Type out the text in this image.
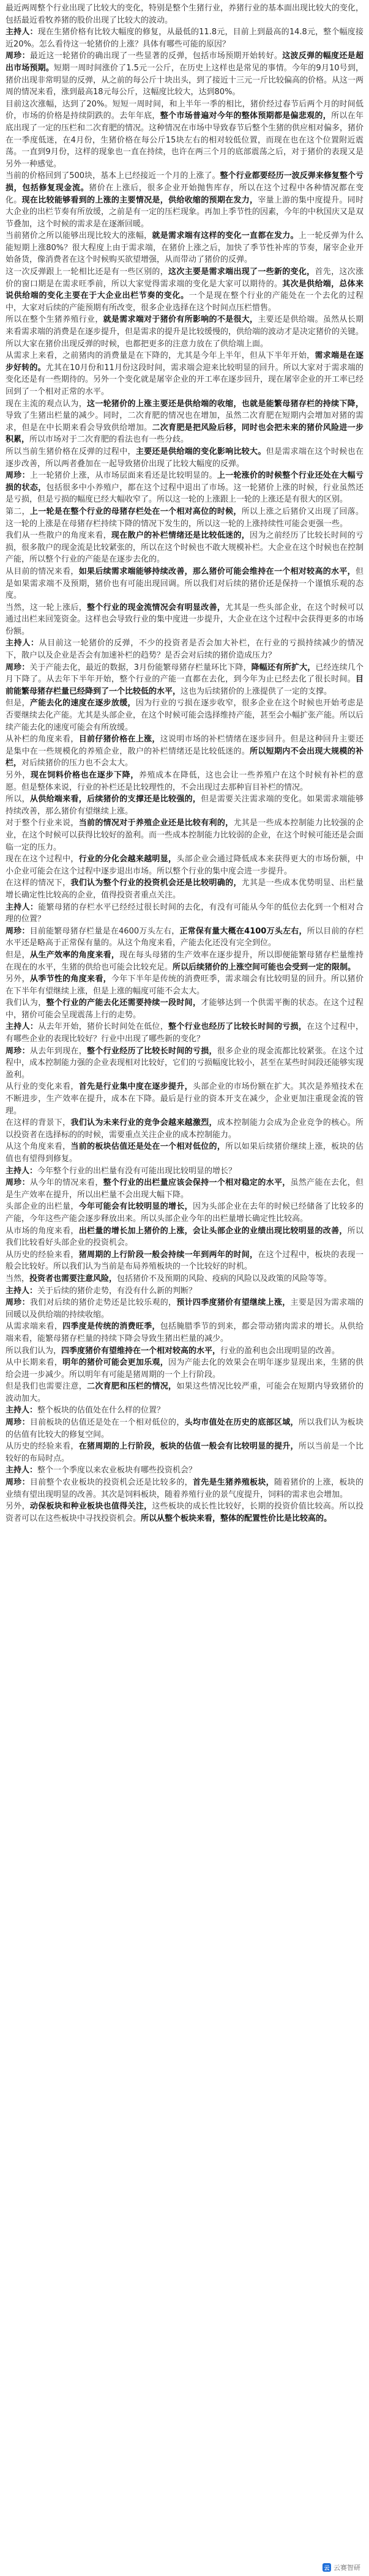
最近两周整个行业出现了比较大的变化，特别是整个生猪行业，养猪行业的基本面出现比较大的变化，包括最近看牧养猪的股价出现了比较大的波动。

主持人：现在生猪价格有比较大幅度的修复，从最低的11.8元，目前上到最高的14.8元，整个幅度接近20%。怎么看待这一轮猪价的上涨？具体有哪些可能的原因？

周珍：最近这一轮猪价的确出现了一些显著的反弹，包括市场预期开始转好。这波反弹的幅度还是超出市场预期。短期一周时间涨价了1.5元一公斤，在历史上这样也是常见的事情。今年的9月10号到，猪价出现非常明显的反弹，从之前的每公斤十块出头，到了接近十三元一斤比较偏高的价格。从这一两周的情况来看，涨到最高18元每公斤，这幅度比较大，达到80%。

目前这次涨幅，达到了20%。短短一周时间，和上半年一季的相比，猪价经过春节后两个月的时间低价，市场的价格是持续阴跌的。去年年底，整个市场普遍对今年的整体预期都是偏悲观的，所以在年底出现了一定的压栏和二次育肥的情况。这种情况在市场中导致春节后整个生猪的供应相对偏多，猪价在一季度低迷，在4月份，生猪价格在每公斤15块左右的相对较低位置，而现在也在这个位置附近震荡。一直到9月份，这样的现象也一直在持续，也许在两三个月的底部震荡之后，对于猪价的表现又是另外一种感觉。

当前的价格回到了500块，基本上已经接近一个月的上涨了。整个行业都要经历一波反弹来修复整个亏损，包括修复现金流。猪价在上涨后，很多企业开始抛售库存，所以在这个过程中各种情况都在变化。现在比较能够看到的上涨的主要情况是，供给收缩的预期在发力，宰量上游的集中度提升。同时大企业的出栏节奏有所放缓，之前是有一定的压栏现象。再加上季节性的因素，今年的中秋国庆又是双节叠加，这个时候的需求是在逐渐回暖。

当前猪价之所以能够出现比较大的涨幅，就是需求端有这样的变化一直都在发力。上一轮反弹为什么能短期上涨80%？很大程度上由于需求端，在猪价上涨之后，加快了季节性补库的节奏，屠宰企业开始备货，像消费者在这个时候购买欲望增强，从而带动了猪价的反弹。

这一次反弹跟上一轮相比还是有一些区别的，这次主要是需求端出现了一些新的变化，首先，这次涨价的窗口期是在需求旺季前，所以大家觉得需求端的变化是大家可以期待的。其次是供给端，总体来说供给端的变化主要在于大企业出栏节奏的变化。一个是现在整个行业的产能处在一个去化的过程中，大家对后续的产能预期有所改变，很多企业选择在这个时间点压栏惜售。

所以在整个生猪养殖行业，就是需求端对于猪价有所影响的不是很大，主要还是供给端。虽然从长期来看需求端的消费是在逐步提升，但是需求的提升是比较缓慢的，供给端的波动才是决定猪价的关键。所以大家在猪价出现反弹的时候，也都把更多的注意力放在了供给端上面。

从需求上来看，之前猪肉的消费量是在下降的，尤其是今年上半年，但从下半年开始，需求端是在逐步好转的。尤其在10月份和11月份这段时间，需求端会迎来比较明显的回升。所以大家对于需求端的变化还是有一些期待的。另外一个变化就是屠宰企业的开工率在逐步回升，现在屠宰企业的开工率已经回到了一个相对正常的水平。

现在主流的观点认为，这一轮猪价的上涨主要还是供给端的收缩，也就是能繁母猪存栏的持续下降，导致了生猪出栏量的减少。同时，二次育肥的情况也在增加，虽然二次育肥在短期内会增加对猪的需求，但是在中长期来看会导致供给增加。二次育肥是把风险后移，同时也会把未来的猪价风险进一步积累，所以市场对于二次育肥的看法也有一些分歧。

所以当前生猪价格在反弹的过程中，主要还是供给端的变化影响比较大。但是需求端在这个时候也在逐步改善，所以两者叠加在一起导致猪价出现了比较大幅度的反弹。

周珍：上一轮猪价上涨，从市场层面来看还是比较明显的。上一轮涨价的时候整个行业还处在大幅亏损的状态，包括很多中小养殖户，都在这个过程中退出了市场。这一轮猪价上涨的时候，行业虽然还是亏损，但是亏损的幅度已经大幅收窄了。所以这一轮的上涨跟上一轮的上涨还是有很大的区别。

第二，上一轮是在整个行业的母猪存栏处在一个相对高位的时候，所以上涨之后猪价又出现了回落。这一轮的上涨是在母猪存栏持续下降的情况下发生的，所以这一轮的上涨持续性可能会更强一些。

我们从一些散户的角度来看，现在散户的补栏情绪还是比较低迷的，因为之前经历了比较长时间的亏损，很多散户的现金流是比较紧张的，所以在这个时候也不敢大规模补栏。大企业在这个时候也在控制产能，所以整个行业的产能是在逐步去化的。

从目前的情况来看，如果后续需求端能够持续改善，那么猪价可能会维持在一个相对较高的水平，但是如果需求端不及预期，猪价也有可能出现回调。所以我们对后续的猪价还是保持一个谨慎乐观的态度。

当然，这一轮上涨后，整个行业的现金流情况会有明显改善，尤其是一些头部企业，在这个时候可以通过出栏来回笼资金。这样也会导致行业的集中度进一步提升，大企业在这个过程中会获得更多的市场份额。

主持人：从目前这一轮猪价的反弹，不少的投资者是否会加大补栏，在行业的亏损持续减少的情况下，散户以及企业是否会有加速补栏的趋势？是否会对后续的猪价造成压力？

周珍：关于产能去化，最近的数据，3月份能繁母猪存栏量环比下降，降幅还有所扩大，已经连续几个月下降了。从去年下半年开始，整个行业的产能一直都在去化，到今年为止已经去化了很长时间。目前能繁母猪存栏量已经降到了一个比较低的水平，这也为后续猪价的上涨提供了一定的支撑。

但是，产能去化的速度在逐步放缓，因为行业的亏损在逐步收窄，很多企业在这个时候也开始考虑是否要继续去化产能。尤其是头部企业，在这个时候可能会选择维持产能，甚至会小幅扩张产能。所以后续产能去化的速度可能会有所放缓。

从补栏的角度来看，目前仔猪价格在上涨，这说明市场的补栏情绪在逐步回升。但是这种回升主要还是集中在一些规模化的养殖企业，散户的补栏情绪还是比较低迷的。所以短期内不会出现大规模的补栏，对后续猪价的压力也不会太大。

另外，现在饲料价格也在逐步下降，养殖成本在降低，这也会让一些养殖户在这个时候有补栏的意愿。但是整体来说，行业的补栏还是比较理性的，不会出现过去那种盲目补栏的情况。

所以，从供给端来看，后续猪价的支撑还是比较强的，但是需要关注需求端的变化。如果需求端能够持续改善，那么猪价有望继续上涨。

对于整个行业来说，当前的情况对于养殖企业还是比较有利的，尤其是一些成本控制能力比较强的企业，在这个时候可以获得比较好的盈利。而一些成本控制能力比较弱的企业，在这个时候可能还是会面临一定的压力。

现在在这个过程中，行业的分化会越来越明显，头部企业会通过降低成本来获得更大的市场份额，中小企业可能会在这个过程中逐步退出市场。所以整个行业的集中度会进一步提升。

在这样的情况下，我们认为整个行业的投资机会还是比较明确的，尤其是一些成本优势明显、出栏量增长确定性比较高的企业，值得投资者重点关注。

主持人：能繁母猪的存栏水平已经经过很长时间的去化，有没有可能从今年的低位去化到一个相对合理的位置？

周珍：目前能繁母猪存栏量是在4600万头左右，正常保有量大概在4100万头左右，所以目前的存栏水平还是略高于正常保有量的。从这个角度来看，产能去化还没有完全到位。

但是，从生产效率的角度来看，现在每头母猪的生产效率在逐步提升，所以即便能繁母猪存栏量维持在现在的水平，生猪的供给也可能会比较充足。所以后续猪价的上涨空间可能也会受到一定的限制。

另外，从季节性的角度来看，今年下半年是传统的消费旺季，需求端会有比较明显的回升。所以猪价在下半年有望继续上涨，但是上涨的幅度可能不会太大。

我们认为，整个行业的产能去化还需要持续一段时间，才能够达到一个供需平衡的状态。在这个过程中，猪价可能会呈现震荡上行的走势。

主持人：从去年开始，猪价长时间处在低位，整个行业也经历了比较长时间的亏损，在这个过程中，有哪些企业的表现比较好？行业中出现了哪些新的变化？

周珍：从去年到现在，整个行业经历了比较长时间的亏损，很多企业的现金流都比较紧张。在这个过程中，成本控制能力强的企业表现相对比较好，它们的亏损幅度比较小，甚至在某些时间段还能够实现盈利。

从行业的变化来看，首先是行业集中度在逐步提升，头部企业的市场份额在扩大。其次是养殖技术在不断进步，生产效率在提升，成本在下降。最后是行业的资本开支在减少，企业更加注重现金流的管理。

在这样的背景下，我们认为未来行业的竞争会越来越激烈，成本控制能力会成为企业竞争的核心。所以投资者在选择标的的时候，需要重点关注企业的成本控制能力。

从这个角度来看，当前的板块估值还是处在一个相对低位的，所以如果后续猪价继续上涨，板块的估值也有望得到修复。

主持人：今年整个行业的出栏量有没有可能出现比较明显的增长？

周珍：从今年的情况来看，整个行业的出栏量应该会保持一个相对稳定的水平，虽然产能在去化，但是生产效率在提升，所以出栏量不会出现大幅下降。

头部企业的出栏量，今年可能会有比较明显的增长，因为头部企业在去年的时候已经储备了比较多的产能，今年这些产能会逐步释放出来。所以头部企业今年的出栏量增长确定性比较高。

从市场的角度来看，出栏量的增长加上猪价的上涨，会让头部企业的业绩出现比较明显的改善，所以我们比较看好头部企业的投资机会。

从历史的经验来看，猪周期的上行阶段一般会持续一年到两年的时间，在这个过程中，板块的表现一般会比较好。所以我们认为当前是布局养殖板块的一个比较好的时机。

当然，投资者也需要注意风险，包括猪价不及预期的风险、疫病的风险以及政策的风险等等。

主持人：关于后续的猪价走势，有没有什么新的判断？

周珍：我们对后续的猪价走势还是比较乐观的，预计四季度猪价有望继续上涨，主要是因为需求端的回暖以及供给端的持续收缩。

从需求端来看，四季度是传统的消费旺季，包括腌腊季节的到来，都会带动猪肉需求的增长。从供给端来看，能繁母猪存栏量的持续下降会导致生猪出栏量的减少。

所以我们认为，四季度猪价有望维持在一个相对较高的水平，行业的盈利也会出现明显的改善。

从中长期来看，明年的猪价可能会更加乐观，因为产能去化的效果会在明年逐步显现出来，生猪的供给会进一步减少。所以明年有可能是猪周期的一个上行阶段。

但是我们也需要注意，二次育肥和压栏的情况，如果这些情况比较严重，可能会在短期内导致猪价的波动加大。

主持人：整个板块的估值处在什么样的位置？

周珍：目前板块的估值还是处在一个相对低位的，头均市值处在历史的底部区域，所以我们认为板块的估值有比较大的修复空间。

从历史的经验来看，在猪周期的上行阶段，板块的估值一般会有比较明显的提升，所以当前是一个比较好的布局时点。

主持人：整个一个季度以来农业板块有哪些投资机会？

周珍：目前整个农业板块的投资机会还是比较多的，首先是生猪养殖板块，随着猪价的上涨，板块的业绩有望出现明显的改善。其次是饲料板块，随着养殖行业的景气度提升，饲料的需求也会增加。

另外，动保板块和种业板块也值得关注，这些板块的成长性比较好，长期的投资价值比较高。所以投资者可以在这些板块中寻找投资机会。所以从整个板块来看，整体的配置性价比是比较高的。

云 云赛智研
